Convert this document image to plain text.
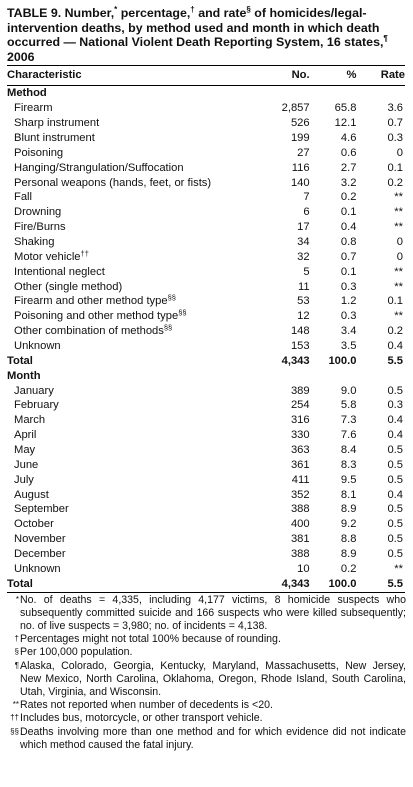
TABLE 9. Number,* percentage,† and rate§ of homicides/legal-intervention deaths, by method used and month in which death occurred — National Violent Death Reporting System, 16 states,¶ 2006
Characteristic	No.	%	Rate
Method			
Firearm	2,857	65.8	3.6
Sharp instrument	526	12.1	0.7
Blunt instrument	199	4.6	0.3
Poisoning	27	0.6	0
Hanging/Strangulation/Suffocation	116	2.7	0.1
Personal weapons (hands, feet, or fists)	140	3.2	0.2
Fall	7	0.2	**
Drowning	6	0.1	**
Fire/Burns	17	0.4	**
Shaking	34	0.8	0
Motor vehicle††	32	0.7	0
Intentional neglect	5	0.1	**
Other (single method)	11	0.3	**
Firearm and other method type§§	53	1.2	0.1
Poisoning and other method type§§	12	0.3	**
Other combination of methods§§	148	3.4	0.2
Unknown	153	3.5	0.4
Total	4,343	100.0	5.5
Month			
January	389	9.0	0.5
February	254	5.8	0.3
March	316	7.3	0.4
April	330	7.6	0.4
May	363	8.4	0.5
June	361	8.3	0.5
July	411	9.5	0.5
August	352	8.1	0.4
September	388	8.9	0.5
October	400	9.2	0.5
November	381	8.8	0.5
December	388	8.9	0.5
Unknown	10	0.2	**
Total	4,343	100.0	5.5
* No. of deaths = 4,335, including 4,177 victims, 8 homicide suspects who subsequently committed suicide and 166 suspects who were killed subsequently; no. of live suspects = 3,980; no. of incidents = 4,138.
† Percentages might not total 100% because of rounding.
§ Per 100,000 population.
¶ Alaska, Colorado, Georgia, Kentucky, Maryland, Massachusetts, New Jersey, New Mexico, North Carolina, Oklahoma, Oregon, Rhode Island, South Carolina, Utah, Virginia, and Wisconsin.
** Rates not reported when number of decedents is <20.
†† Includes bus, motorcycle, or other transport vehicle.
§§ Deaths involving more than one method and for which evidence did not indicate which method caused the fatal injury.
